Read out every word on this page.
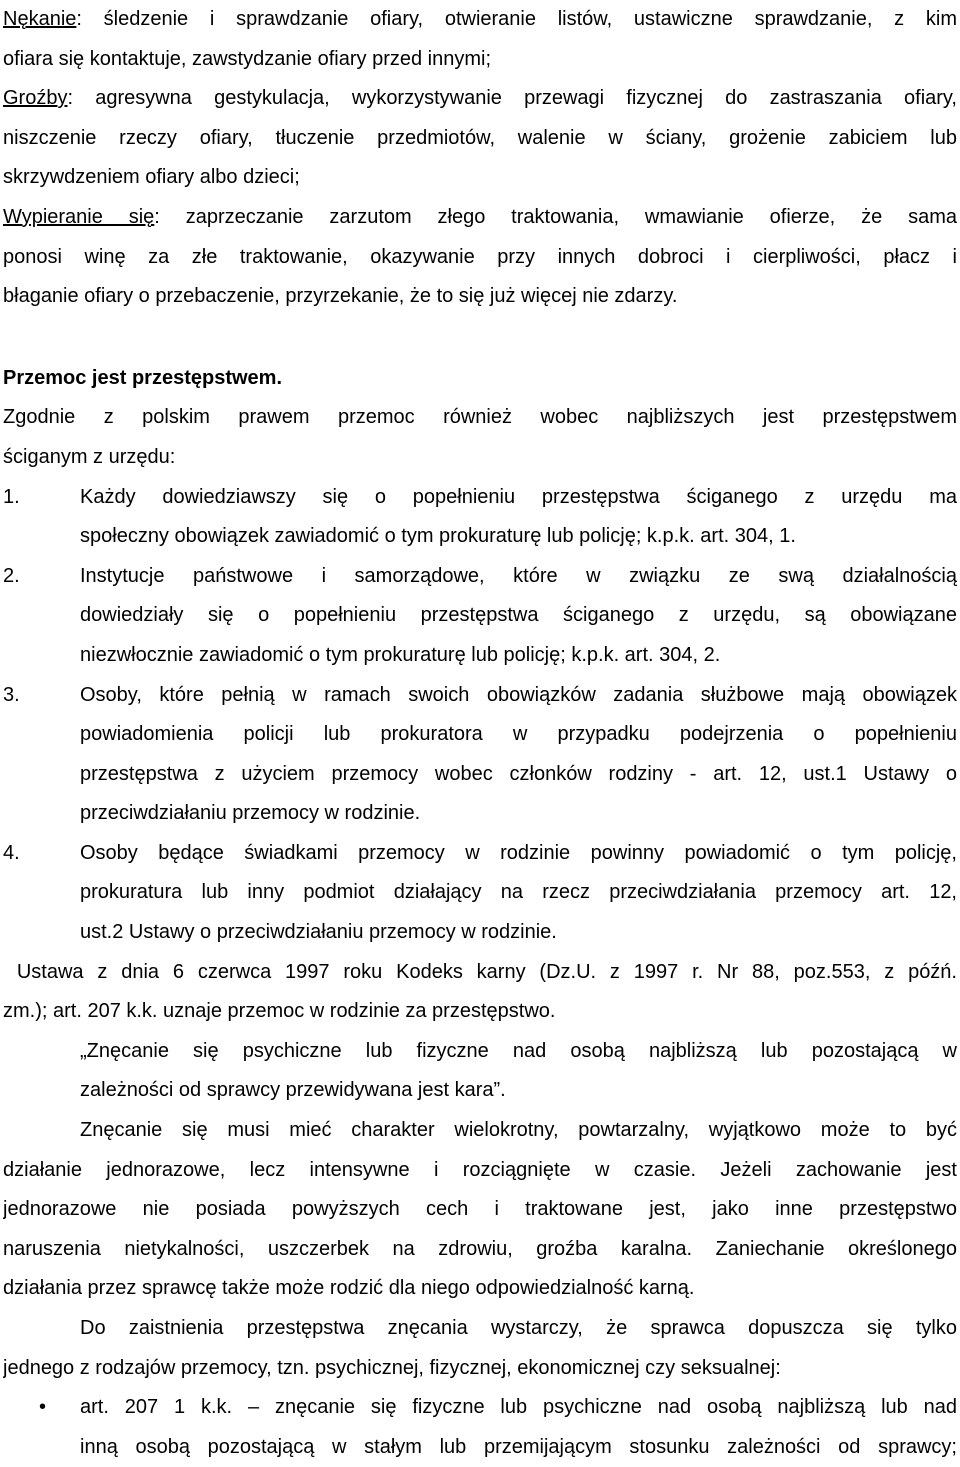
Nękanie: śledzenie i sprawdzanie ofiary, otwieranie listów, ustawiczne sprawdzanie, z kim
ofiara się kontaktuje, zawstydzanie ofiary przed innymi;
Groźby: agresywna gestykulacja, wykorzystywanie przewagi fizycznej do zastraszania ofiary,
niszczenie rzeczy ofiary, tłuczenie przedmiotów, walenie w ściany, grożenie zabiciem lub
skrzywdzeniem ofiary albo dzieci;
Wypieranie się: zaprzeczanie zarzutom złego traktowania, wmawianie ofierze, że sama
ponosi winę za złe traktowanie, okazywanie przy innych dobroci i cierpliwości, płacz i
błaganie ofiary o przebaczenie, przyrzekanie, że to się już więcej nie zdarzy.
Przemoc jest przestępstwem.
Zgodnie z polskim prawem przemoc również wobec najbliższych jest przestępstwem
ściganym z urzędu:
1.	Każdy dowiedziawszy się o popełnieniu przestępstwa ściganego z urzędu ma
społeczny obowiązek zawiadomić o tym prokuraturę lub policję; k.p.k. art. 304, 1.
2.	Instytucje państwowe i samorządowe, które w związku ze swą działalnością
dowiedziały się o popełnieniu przestępstwa ściganego z urzędu, są obowiązane
niezwłocznie zawiadomić o tym prokuraturę lub policję; k.p.k. art. 304, 2.
3.	Osoby, które pełnią w ramach swoich obowiązków zadania służbowe mają obowiązek
powiadomienia policji lub prokuratora w przypadku podejrzenia o popełnieniu
przestępstwa z użyciem przemocy wobec członków rodziny - art. 12, ust.1 Ustawy o
przeciwdziałaniu przemocy w rodzinie.
4.	Osoby będące świadkami przemocy w rodzinie powinny powiadomić o tym policję,
prokuratura lub inny podmiot działający na rzecz przeciwdziałania przemocy art. 12,
ust.2 Ustawy o przeciwdziałaniu przemocy w rodzinie.
Ustawa z dnia 6 czerwca 1997 roku Kodeks karny (Dz.U. z 1997 r. Nr 88, poz.553, z późń.
zm.); art. 207 k.k. uznaje przemoc w rodzinie za przestępstwo.
„Znęcanie się psychiczne lub fizyczne nad osobą najbliższą lub pozostającą w
zależności od sprawcy przewidywana jest kara”.
Znęcanie się musi mieć charakter wielokrotny, powtarzalny, wyjątkowo może to być
działanie jednorazowe, lecz intensywne i rozciągnięte w czasie. Jeżeli zachowanie jest
jednorazowe nie posiada powyższych cech i traktowane jest, jako inne przestępstwo
naruszenia nietykalności, uszczerbek na zdrowiu, groźba karalna. Zaniechanie określonego
działania przez sprawcę także może rodzić dla niego odpowiedzialność karną.
Do zaistnienia przestępstwa znęcania wystarczy, że sprawca dopuszcza się tylko
jednego z rodzajów przemocy, tzn. psychicznej, fizycznej, ekonomicznej czy seksualnej:
• art. 207 1 k.k. – znęcanie się fizyczne lub psychiczne nad osobą najbliższą lub nad
inną osobą pozostającą w stałym lub przemijającym stosunku zależności od sprawcy;
